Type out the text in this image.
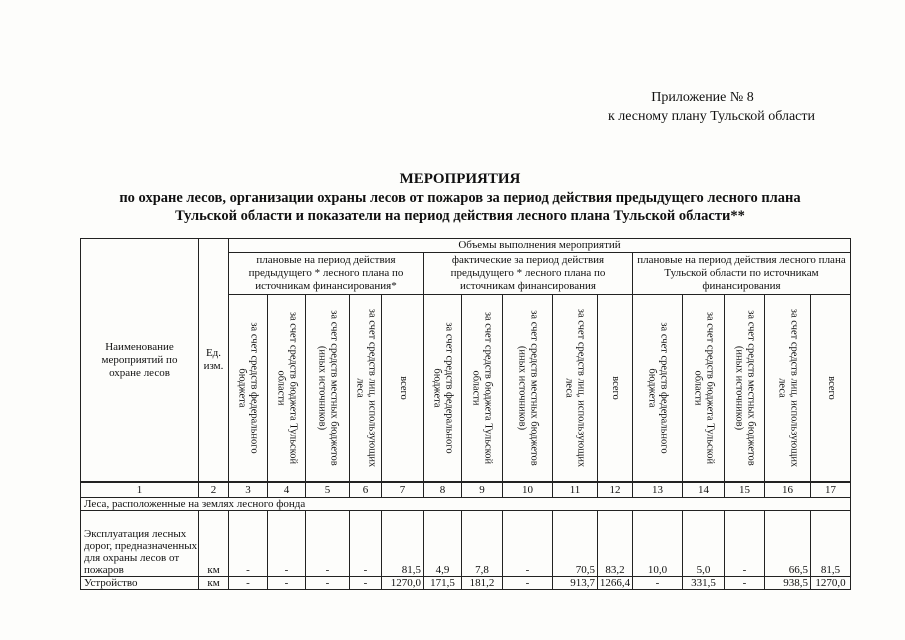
Приложение № 8
к лесному плану Тульской области
МЕРОПРИЯТИЯ
по охране лесов, организации охраны лесов от пожаров за период действия предыдущего лесного плана
Тульской области и показатели на период действия лесного плана Тульской области**
Наименование мероприятий по охране лесов	Ед. изм.	Объемы выполнения мероприятий														
		плановые на период действия предыдущего * лесного плана по источникам финансирования*					фактические за период действия предыдущего * лесного плана по источникам финансирования					плановые на период действия лесного плана Тульской области по источникам финансирования				

		за счет средств федерального бюджета	за счет средств бюджета Тульской области	за счет средств местных бюджетов (иных источников)	за счет средств лиц, использующих леса	всего	за счет средств федерального бюджета	за счет средств бюджета Тульской области	за счет средств местных бюджетов (иных источников)	за счет средств лиц, использующих леса	всего	за счет средств федерального бюджета	за счет средств бюджета Тульской области	за счет средств местных бюджетов (иных источников)	за счет средств лиц, использующих леса	всего
1	2	3	4	5	6	7	8	9	10	11	12	13	14	15	16	17
Леса, расположенные на землях лесного фонда																
Эксплуатация лесных дорог, предназначенных для охраны лесов от пожаров	км	-	-	-	-	81,5	4,9	7,8	-	70,5	83,2	10,0	5,0	-	66,5	81,5
Устройство	км	-	-	-	-	1270,0	171,5	181,2	-	913,7	1266,4	-	331,5	-	938,5	1270,0
